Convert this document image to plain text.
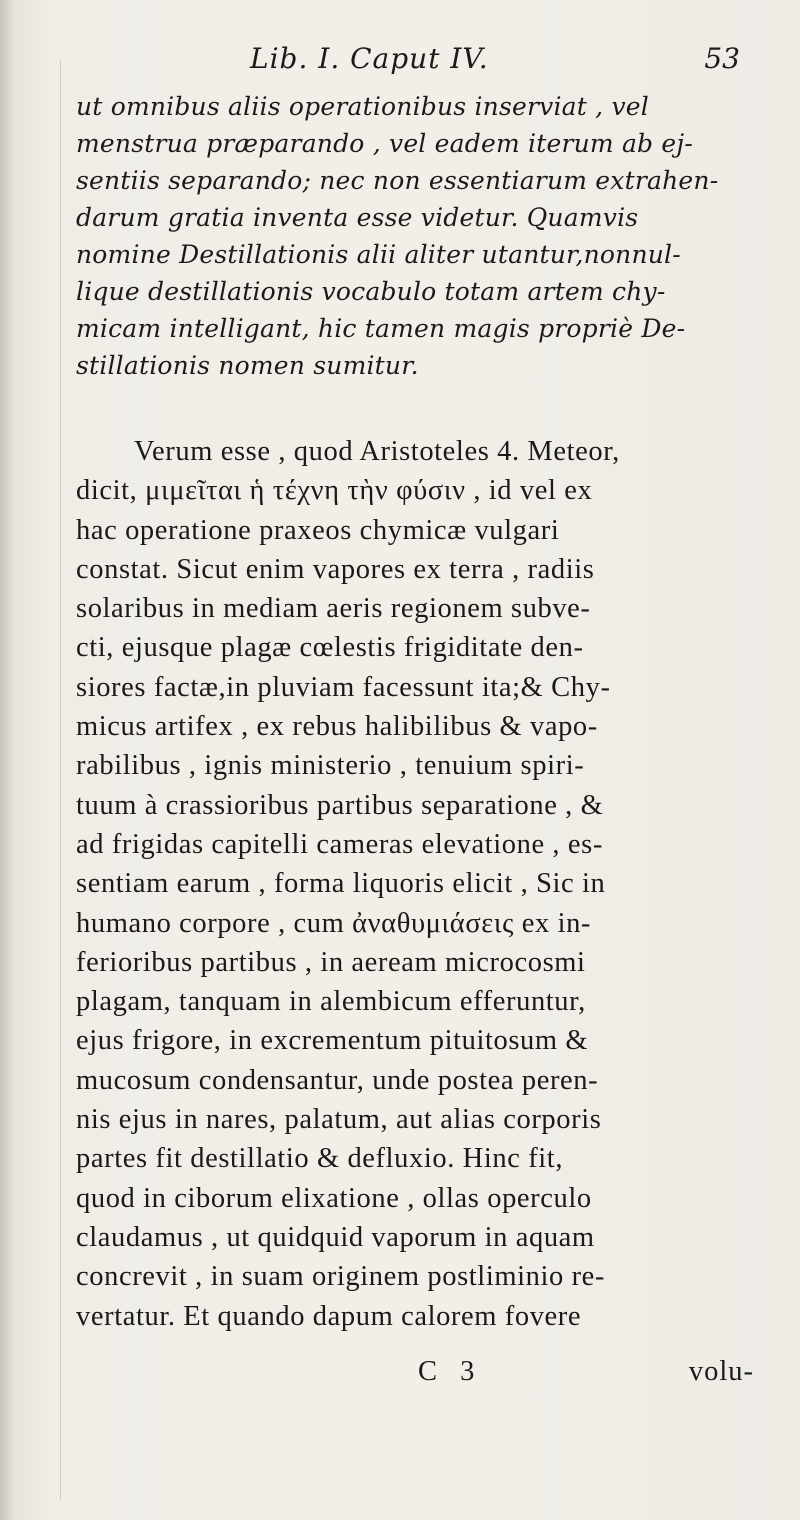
Lib. I. Caput IV.	53
ut omnibus aliis operationibus inserviat , vel
menstrua præparando , vel eadem iterum ab ej-
sentiis separando; nec non essentiarum extrahen-
darum gratia inventa esse videtur. Quamvis
nomine Destillationis alii aliter utantur,nonnul-
lique destillationis vocabulo totam artem chy-
micam intelligant, hic tamen magis propriè De-
stillationis nomen sumitur.
Verum esse , quod Aristoteles 4. Meteor,
dicit, μιμεῖται ἡ τέχνη τὴν φύσιν , id vel ex
hac operatione praxeos chymicæ vulgari
constat. Sicut enim vapores ex terra , radiis
solaribus in mediam aeris regionem subve-
cti, ejusque plagæ cœlestis frigiditate den-
siores factæ,in pluviam facessunt ita;& Chy-
micus artifex , ex rebus halibilibus & vapo-
rabilibus , ignis ministerio , tenuium spiri-
tuum à crassioribus partibus separatione , &
ad frigidas capitelli cameras elevatione , es-
sentiam earum , forma liquoris elicit , Sic in
humano corpore , cum ἀναθυμιάσεις ex in-
ferioribus partibus , in aeream microcosmi
plagam, tanquam in alembicum efferuntur,
ejus frigore, in excrementum pituitosum &
mucosum condensantur, unde postea peren-
nis ejus in nares, palatum, aut alias corporis
partes fit destillatio & defluxio. Hinc fit,
quod in ciborum elixatione , ollas operculo
claudamus , ut quidquid vaporum in aquam
concrevit , in suam originem postliminio re-
vertatur. Et quando dapum calorem fovere
C 3	volu-
